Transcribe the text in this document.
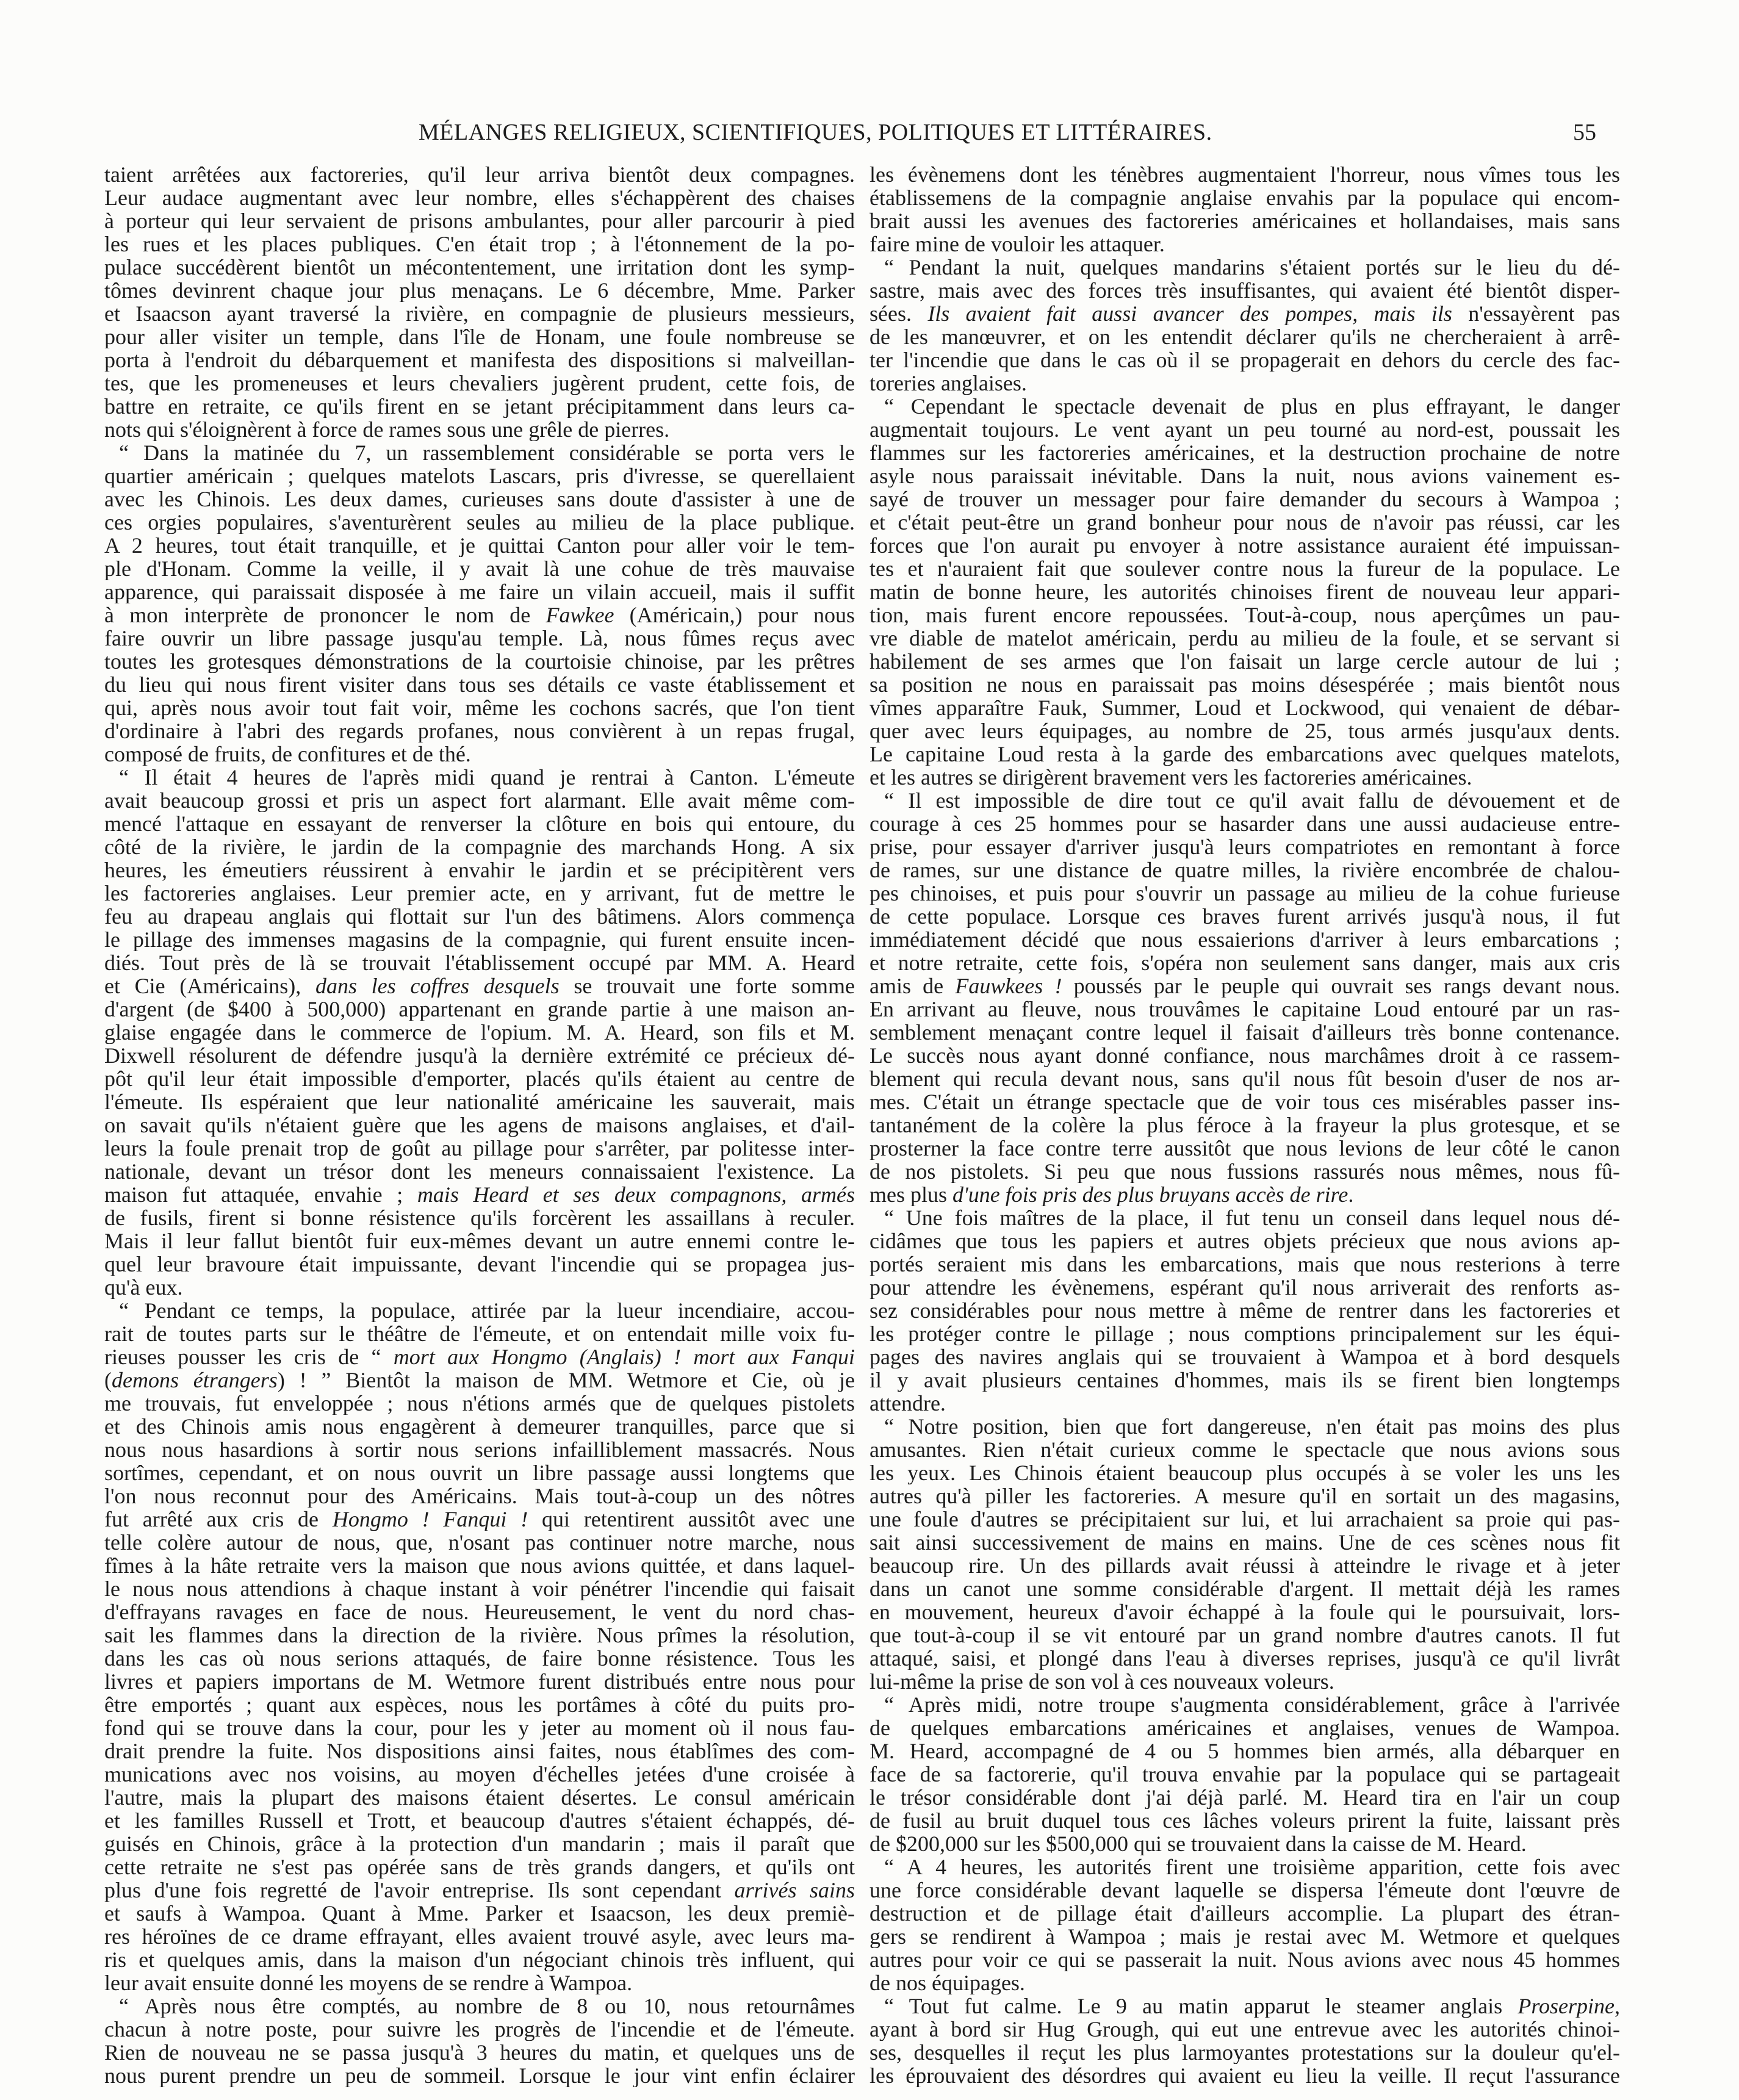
MÉLANGES RELIGIEUX, SCIENTIFIQUES, POLITIQUES ET LITTÉRAIRES.	55
taient arrêtées aux factoreries, qu'il leur arriva bientôt deux compagnes.
Leur audace augmentant avec leur nombre, elles s'échappèrent des chaises
à porteur qui leur servaient de prisons ambulantes, pour aller parcourir à pied
les rues et les places publiques. C'en était trop ; à l'étonnement de la po-
pulace succédèrent bientôt un mécontentement, une irritation dont les symp-
tômes devinrent chaque jour plus menaçans. Le 6 décembre, Mme. Parker
et Isaacson ayant traversé la rivière, en compagnie de plusieurs messieurs,
pour aller visiter un temple, dans l'île de Honam, une foule nombreuse se
porta à l'endroit du débarquement et manifesta des dispositions si malveillan-
tes, que les promeneuses et leurs chevaliers jugèrent prudent, cette fois, de
battre en retraite, ce qu'ils firent en se jetant précipitamment dans leurs ca-
nots qui s'éloignèrent à force de rames sous une grêle de pierres.
“ Dans la matinée du 7, un rassemblement considérable se porta vers le
quartier américain ; quelques matelots Lascars, pris d'ivresse, se querellaient
avec les Chinois. Les deux dames, curieuses sans doute d'assister à une de
ces orgies populaires, s'aventurèrent seules au milieu de la place publique.
A 2 heures, tout était tranquille, et je quittai Canton pour aller voir le tem-
ple d'Honam. Comme la veille, il y avait là une cohue de très mauvaise
apparence, qui paraissait disposée à me faire un vilain accueil, mais il suffit
à mon interprète de prononcer le nom de Fawkee (Américain,) pour nous
faire ouvrir un libre passage jusqu'au temple. Là, nous fûmes reçus avec
toutes les grotesques démonstrations de la courtoisie chinoise, par les prêtres
du lieu qui nous firent visiter dans tous ses détails ce vaste établissement et
qui, après nous avoir tout fait voir, même les cochons sacrés, que l'on tient
d'ordinaire à l'abri des regards profanes, nous convièrent à un repas frugal,
composé de fruits, de confitures et de thé.
“ Il était 4 heures de l'après midi quand je rentrai à Canton. L'émeute
avait beaucoup grossi et pris un aspect fort alarmant. Elle avait même com-
mencé l'attaque en essayant de renverser la clôture en bois qui entoure, du
côté de la rivière, le jardin de la compagnie des marchands Hong. A six
heures, les émeutiers réussirent à envahir le jardin et se précipitèrent vers
les factoreries anglaises. Leur premier acte, en y arrivant, fut de mettre le
feu au drapeau anglais qui flottait sur l'un des bâtimens. Alors commença
le pillage des immenses magasins de la compagnie, qui furent ensuite incen-
diés. Tout près de là se trouvait l'établissement occupé par MM. A. Heard
et Cie (Américains), dans les coffres desquels se trouvait une forte somme
d'argent (de $400 à 500,000) appartenant en grande partie à une maison an-
glaise engagée dans le commerce de l'opium. M. A. Heard, son fils et M.
Dixwell résolurent de défendre jusqu'à la dernière extrémité ce précieux dé-
pôt qu'il leur était impossible d'emporter, placés qu'ils étaient au centre de
l'émeute. Ils espéraient que leur nationalité américaine les sauverait, mais
on savait qu'ils n'étaient guère que les agens de maisons anglaises, et d'ail-
leurs la foule prenait trop de goût au pillage pour s'arrêter, par politesse inter-
nationale, devant un trésor dont les meneurs connaissaient l'existence. La
maison fut attaquée, envahie ; mais Heard et ses deux compagnons, armés
de fusils, firent si bonne résistence qu'ils forcèrent les assaillans à reculer.
Mais il leur fallut bientôt fuir eux-mêmes devant un autre ennemi contre le-
quel leur bravoure était impuissante, devant l'incendie qui se propagea jus-
qu'à eux.
“ Pendant ce temps, la populace, attirée par la lueur incendiaire, accou-
rait de toutes parts sur le théâtre de l'émeute, et on entendait mille voix fu-
rieuses pousser les cris de “ mort aux Hongmo (Anglais) ! mort aux Fanqui
(demons étrangers) ! ” Bientôt la maison de MM. Wetmore et Cie, où je
me trouvais, fut enveloppée ; nous n'étions armés que de quelques pistolets
et des Chinois amis nous engagèrent à demeurer tranquilles, parce que si
nous nous hasardions à sortir nous serions infailliblement massacrés. Nous
sortîmes, cependant, et on nous ouvrit un libre passage aussi longtems que
l'on nous reconnut pour des Américains. Mais tout-à-coup un des nôtres
fut arrêté aux cris de Hongmo ! Fanqui ! qui retentirent aussitôt avec une
telle colère autour de nous, que, n'osant pas continuer notre marche, nous
fîmes à la hâte retraite vers la maison que nous avions quittée, et dans laquel-
le nous nous attendions à chaque instant à voir pénétrer l'incendie qui faisait
d'effrayans ravages en face de nous. Heureusement, le vent du nord chas-
sait les flammes dans la direction de la rivière. Nous prîmes la résolution,
dans les cas où nous serions attaqués, de faire bonne résistence. Tous les
livres et papiers importans de M. Wetmore furent distribués entre nous pour
être emportés ; quant aux espèces, nous les portâmes à côté du puits pro-
fond qui se trouve dans la cour, pour les y jeter au moment où il nous fau-
drait prendre la fuite. Nos dispositions ainsi faites, nous établîmes des com-
munications avec nos voisins, au moyen d'échelles jetées d'une croisée à
l'autre, mais la plupart des maisons étaient désertes. Le consul américain
et les familles Russell et Trott, et beaucoup d'autres s'étaient échappés, dé-
guisés en Chinois, grâce à la protection d'un mandarin ; mais il paraît que
cette retraite ne s'est pas opérée sans de très grands dangers, et qu'ils ont
plus d'une fois regretté de l'avoir entreprise. Ils sont cependant arrivés sains
et saufs à Wampoa. Quant à Mme. Parker et Isaacson, les deux premiè-
res héroïnes de ce drame effrayant, elles avaient trouvé asyle, avec leurs ma-
ris et quelques amis, dans la maison d'un négociant chinois très influent, qui
leur avait ensuite donné les moyens de se rendre à Wampoa.
“ Après nous être comptés, au nombre de 8 ou 10, nous retournâmes
chacun à notre poste, pour suivre les progrès de l'incendie et de l'émeute.
Rien de nouveau ne se passa jusqu'à 3 heures du matin, et quelques uns de
nous purent prendre un peu de sommeil. Lorsque le jour vint enfin éclairer
les évènemens dont les ténèbres augmentaient l'horreur, nous vîmes tous les
établissemens de la compagnie anglaise envahis par la populace qui encom-
brait aussi les avenues des factoreries américaines et hollandaises, mais sans
faire mine de vouloir les attaquer.
“ Pendant la nuit, quelques mandarins s'étaient portés sur le lieu du dé-
sastre, mais avec des forces très insuffisantes, qui avaient été bientôt disper-
sées. Ils avaient fait aussi avancer des pompes, mais ils n'essayèrent pas
de les manœuvrer, et on les entendit déclarer qu'ils ne chercheraient à arrê-
ter l'incendie que dans le cas où il se propagerait en dehors du cercle des fac-
toreries anglaises.
“ Cependant le spectacle devenait de plus en plus effrayant, le danger
augmentait toujours. Le vent ayant un peu tourné au nord-est, poussait les
flammes sur les factoreries américaines, et la destruction prochaine de notre
asyle nous paraissait inévitable. Dans la nuit, nous avions vainement es-
sayé de trouver un messager pour faire demander du secours à Wampoa ;
et c'était peut-être un grand bonheur pour nous de n'avoir pas réussi, car les
forces que l'on aurait pu envoyer à notre assistance auraient été impuissan-
tes et n'auraient fait que soulever contre nous la fureur de la populace. Le
matin de bonne heure, les autorités chinoises firent de nouveau leur appari-
tion, mais furent encore repoussées. Tout-à-coup, nous aperçûmes un pau-
vre diable de matelot américain, perdu au milieu de la foule, et se servant si
habilement de ses armes que l'on faisait un large cercle autour de lui ;
sa position ne nous en paraissait pas moins désespérée ; mais bientôt nous
vîmes apparaître Fauk, Summer, Loud et Lockwood, qui venaient de débar-
quer avec leurs équipages, au nombre de 25, tous armés jusqu'aux dents.
Le capitaine Loud resta à la garde des embarcations avec quelques matelots,
et les autres se dirigèrent bravement vers les factoreries américaines.
“ Il est impossible de dire tout ce qu'il avait fallu de dévouement et de
courage à ces 25 hommes pour se hasarder dans une aussi audacieuse entre-
prise, pour essayer d'arriver jusqu'à leurs compatriotes en remontant à force
de rames, sur une distance de quatre milles, la rivière encombrée de chalou-
pes chinoises, et puis pour s'ouvrir un passage au milieu de la cohue furieuse
de cette populace. Lorsque ces braves furent arrivés jusqu'à nous, il fut
immédiatement décidé que nous essaierions d'arriver à leurs embarcations ;
et notre retraite, cette fois, s'opéra non seulement sans danger, mais aux cris
amis de Fauwkees ! poussés par le peuple qui ouvrait ses rangs devant nous.
En arrivant au fleuve, nous trouvâmes le capitaine Loud entouré par un ras-
semblement menaçant contre lequel il faisait d'ailleurs très bonne contenance.
Le succès nous ayant donné confiance, nous marchâmes droit à ce rassem-
blement qui recula devant nous, sans qu'il nous fût besoin d'user de nos ar-
mes. C'était un étrange spectacle que de voir tous ces misérables passer ins-
tantanément de la colère la plus féroce à la frayeur la plus grotesque, et se
prosterner la face contre terre aussitôt que nous levions de leur côté le canon
de nos pistolets. Si peu que nous fussions rassurés nous mêmes, nous fû-
mes plus d'une fois pris des plus bruyans accès de rire.
“ Une fois maîtres de la place, il fut tenu un conseil dans lequel nous dé-
cidâmes que tous les papiers et autres objets précieux que nous avions ap-
portés seraient mis dans les embarcations, mais que nous resterions à terre
pour attendre les évènemens, espérant qu'il nous arriverait des renforts as-
sez considérables pour nous mettre à même de rentrer dans les factoreries et
les protéger contre le pillage ; nous comptions principalement sur les équi-
pages des navires anglais qui se trouvaient à Wampoa et à bord desquels
il y avait plusieurs centaines d'hommes, mais ils se firent bien longtemps
attendre.
“ Notre position, bien que fort dangereuse, n'en était pas moins des plus
amusantes. Rien n'était curieux comme le spectacle que nous avions sous
les yeux. Les Chinois étaient beaucoup plus occupés à se voler les uns les
autres qu'à piller les factoreries. A mesure qu'il en sortait un des magasins,
une foule d'autres se précipitaient sur lui, et lui arrachaient sa proie qui pas-
sait ainsi successivement de mains en mains. Une de ces scènes nous fit
beaucoup rire. Un des pillards avait réussi à atteindre le rivage et à jeter
dans un canot une somme considérable d'argent. Il mettait déjà les rames
en mouvement, heureux d'avoir échappé à la foule qui le poursuivait, lors-
que tout-à-coup il se vit entouré par un grand nombre d'autres canots. Il fut
attaqué, saisi, et plongé dans l'eau à diverses reprises, jusqu'à ce qu'il livrât
lui-même la prise de son vol à ces nouveaux voleurs.
“ Après midi, notre troupe s'augmenta considérablement, grâce à l'arrivée
de quelques embarcations américaines et anglaises, venues de Wampoa.
M. Heard, accompagné de 4 ou 5 hommes bien armés, alla débarquer en
face de sa factorerie, qu'il trouva envahie par la populace qui se partageait
le trésor considérable dont j'ai déjà parlé. M. Heard tira en l'air un coup
de fusil au bruit duquel tous ces lâches voleurs prirent la fuite, laissant près
de $200,000 sur les $500,000 qui se trouvaient dans la caisse de M. Heard.
“ A 4 heures, les autorités firent une troisième apparition, cette fois avec
une force considérable devant laquelle se dispersa l'émeute dont l'œuvre de
destruction et de pillage était d'ailleurs accomplie. La plupart des étran-
gers se rendirent à Wampoa ; mais je restai avec M. Wetmore et quelques
autres pour voir ce qui se passerait la nuit. Nous avions avec nous 45 hommes
de nos équipages.
“ Tout fut calme. Le 9 au matin apparut le steamer anglais Proserpine,
ayant à bord sir Hug Grough, qui eut une entrevue avec les autorités chinoi-
ses, desquelles il reçut les plus larmoyantes protestations sur la douleur qu'el-
les éprouvaient des désordres qui avaient eu lieu la veille. Il reçut l'assurance
